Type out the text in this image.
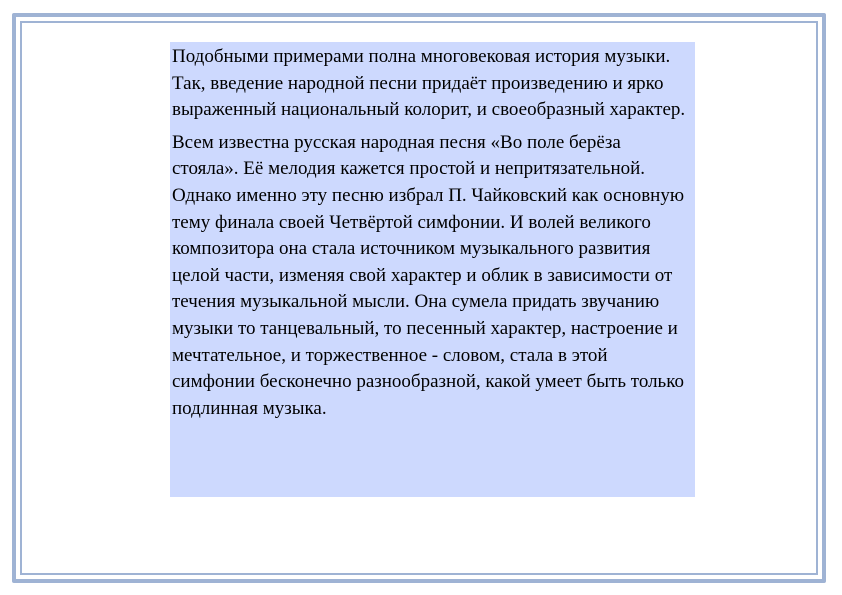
Подобными примерами полна многовековая история музыки. Так, введение народной песни придаёт произведению и ярко выраженный национальный колорит, и своеобразный характер.

Всем известна русская народная песня «Во поле берёза стояла». Её мелодия кажется простой и непритязательной. Однако именно эту песню избрал П. Чайковский как основную тему финала своей Четвёртой симфонии. И волей великого композитора она стала источником музыкального развития целой части, изменяя свой характер и облик в зависимости от течения музыкальной мысли. Она сумела придать звучанию музыки то танцевальный, то песенный характер, настроение и мечтательное, и торжественное - словом, стала в этой симфонии бесконечно разнообразной, какой умеет быть только подлинная музыка.
